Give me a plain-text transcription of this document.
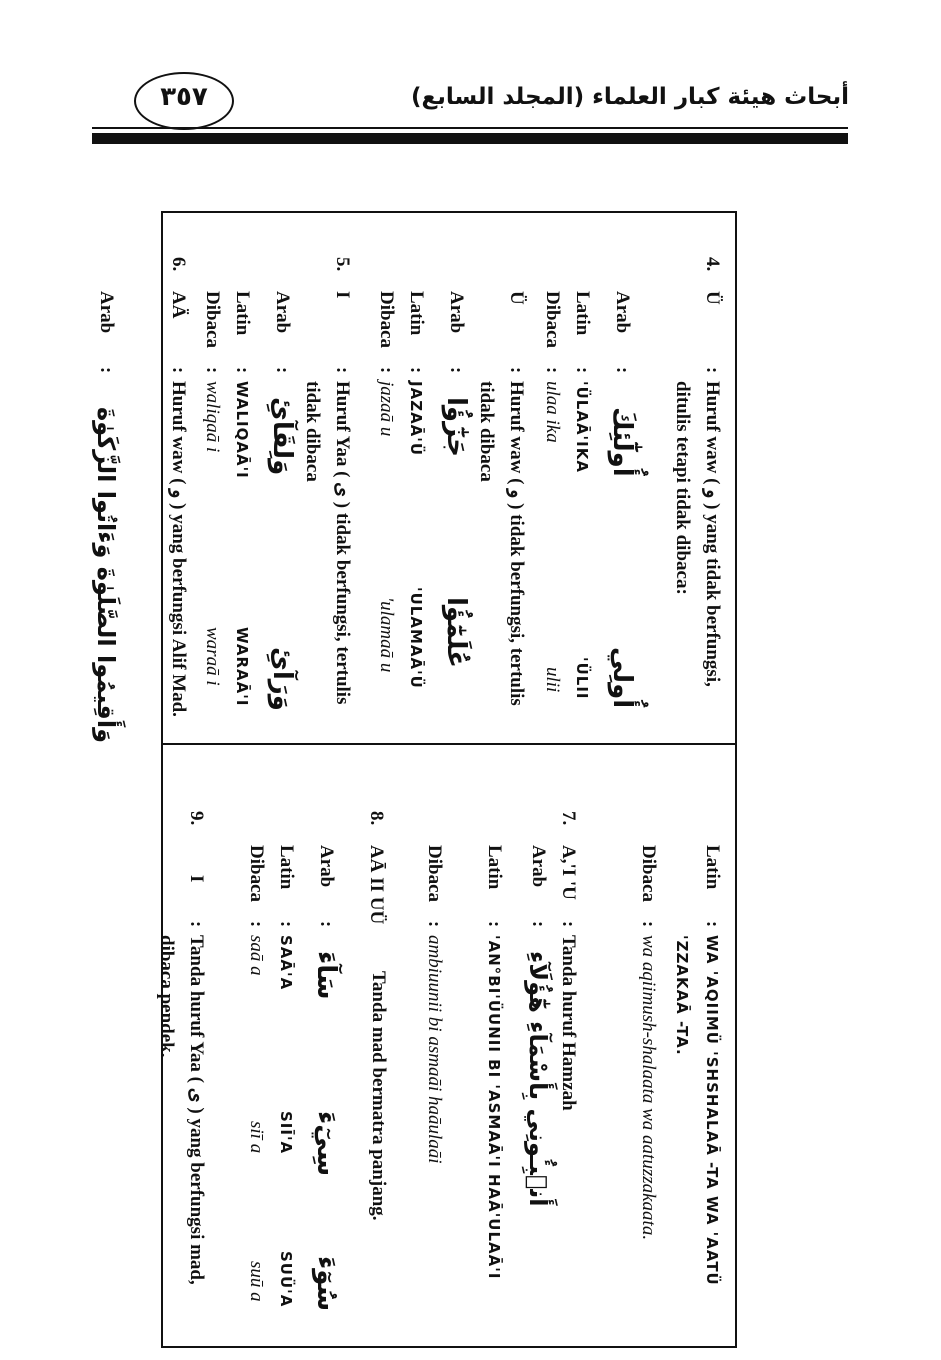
أبحاث هيئة كبار العلماء (المجلد السابع)
٣٥٧
4.
Ü
:
Huruf waw ( و ) yang tidak berfungsi, ditulis tetapi tidak dibaca:
Arab
:
أُولَٰٓئِكَ
أُولِي
Latin
:
'ÜLAĀ'IKA
'ÜLII
Dibaca
:
ulaa ika
ulii
Ü
:
Huruf waw ( و ) tidak berfungsi, tertulis tidak dibaca
Arab
:
جَزَٰٓؤُا
عُلَمَٰٓؤُا
Latin
:
JAZAĀ'Ü
'ULAMAĀ'Ü
Dibaca
:
jazaā u
'ulamaā u
5.
I
:
Huruf Yaa ( ى ) tidak berfungsi, tertulis tidak dibaca
Arab
:
وَلِقَآئِ
وَرَآئِ
Latin
:
WALIQAĀ'I
WARAĀ'I
Dibaca
:
waliqaā i
waraā i
6.
AÄ
:
Huruf waw ( و ) yang berfungsi Alif Mad.
Arab
:
وَأَقِيمُوا الصَّلَوٰةَ وَءَاتُوا الزَّكَوٰةَ
Latin
:
WA 'AQIIMÜ 'SHSHALAĀ -TA WA 'AATÜ 'ZZAKAĀ -TA.
Dibaca
:
wa aqiimush-shalaata wa aatuzzakaata.
7.
A,'I 'U
:
Tanda huruf Hamzah
Arab
:
أَنۢبِـُٔونِي بِأَسْمَآءِ هَٰٓؤُلَآءِ
Latin
:
'AN°BI'ÜUNII BI 'ASMAĀ'I HAĀ'ULAĀ'I
Dibaca
:
ambiuunii bi asmaāi haāulaāi
8.
AĀ II UÜ
Tanda mad bermatra panjang.
Arab
:
سَآءَ
سِيٓءَ
سُوٓءَ
Latin
:
SAĀ'A
SIĪ'A
SUÜ'A
Dibaca
:
saā a
siī a
suū a
9.
I
:
Tanda huruf Yaa ( ى ) yang berfungsi mad, dibaca pendek.
